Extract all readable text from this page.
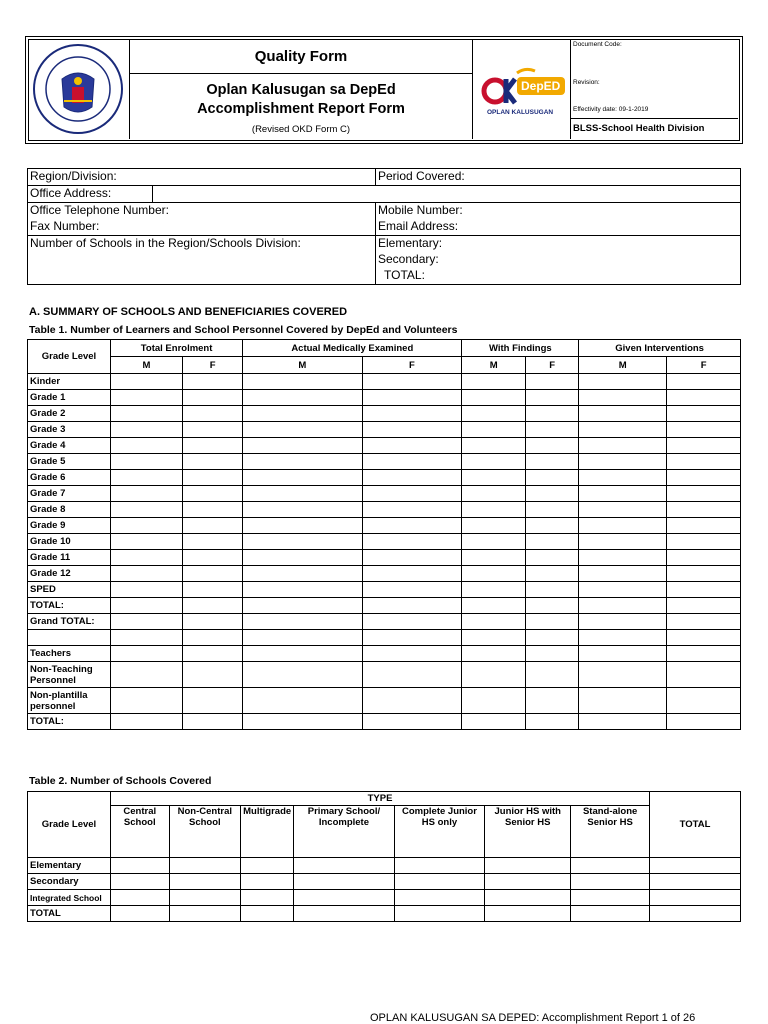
Quality Form
Oplan Kalusugan sa DepEd
Accomplishment Report Form
(Revised OKD Form C)
DepED
OPLAN KALUSUGAN
Document Code:
Revision:
Effectivity date: 09-1-2019
BLSS-School Health Division
Region/Division:		Period Covered:
Office Address:		
Office Telephone Number:		Mobile Number:
Fax Number:		Email Address:
Number of Schools in the Region/Schools Division:		Elementary:
		Secondary:
		TOTAL:
A. SUMMARY OF SCHOOLS AND BENEFICIARIES COVERED
Table 1. Number of Learners and School Personnel Covered by DepEd and Volunteers
Grade Level	Total Enrolment		Actual Medically Examined		With Findings		Given Interventions	
	M	F	M	F	M	F	M	F
Kinder								
Grade 1								
Grade 2								
Grade 3								
Grade 4								
Grade 5								
Grade 6								
Grade 7								
Grade 8								
Grade 9								
Grade 10								
Grade 11								
Grade 12								
SPED								
TOTAL:								
Grand TOTAL:								

Teachers								
Non-Teaching Personnel								
Non-plantilla personnel								
TOTAL:								
Table 2. Number of Schools Covered
Grade Level	TYPE							TOTAL
	Central School	Non-Central School	Multigrade	Primary School/ Incomplete	Complete Junior HS only	Junior HS with Senior HS	Stand-alone Senior HS	
Elementary								
Secondary								
Integrated School								
TOTAL								
OPLAN KALUSUGAN SA DEPED: Accomplishment Report 1 of 26
